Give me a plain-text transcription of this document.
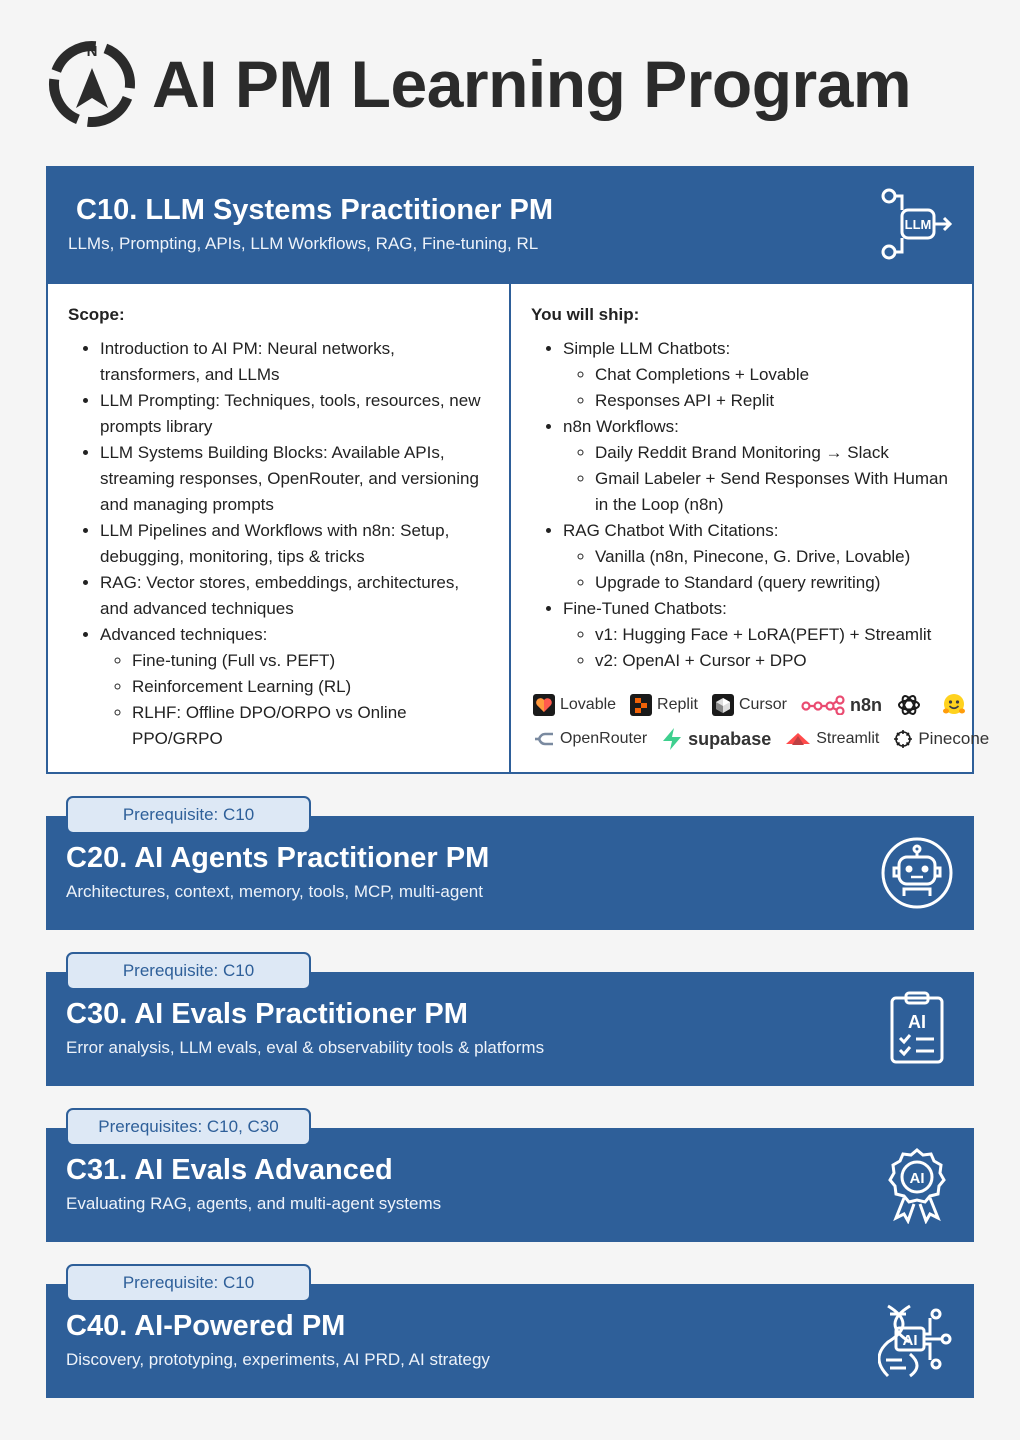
N AI PM Learning Program
C10. LLM Systems Practitioner PM
LLMs, Prompting, APIs, LLM Workflows, RAG, Fine-tuning, RL
LLM
Scope:
• Introduction to AI PM: Neural networks, transformers, and LLMs
• LLM Prompting: Techniques, tools, resources, new prompts library
• LLM Systems Building Blocks: Available APIs, streaming responses, OpenRouter, and versioning and managing prompts
• LLM Pipelines and Workflows with n8n: Setup, debugging, monitoring, tips & tricks
• RAG: Vector stores, embeddings, architectures, and advanced techniques
• Advanced techniques:
◦ Fine-tuning (Full vs. PEFT)
◦ Reinforcement Learning (RL)
◦ RLHF: Offline DPO/ORPO vs Online PPO/GRPO
You will ship:
• Simple LLM Chatbots:
◦ Chat Completions + Lovable
◦ Responses API + Replit
• n8n Workflows:
◦ Daily Reddit Brand Monitoring → Slack
◦ Gmail Labeler + Send Responses With Human in the Loop (n8n)
• RAG Chatbot With Citations:
◦ Vanilla (n8n, Pinecone, G. Drive, Lovable)
◦ Upgrade to Standard (query rewriting)
• Fine-Tuned Chatbots:
◦ v1: Hugging Face + LoRA(PEFT) + Streamlit
◦ v2: OpenAI + Cursor + DPO
Lovable	Replit	Cursor	n8n
OpenRouter supabase	Streamlit Pinecone
Prerequisite: C10
C20. AI Agents Practitioner PM
Architectures, context, memory, tools, MCP, multi-agent
Prerequisite: C10
C30. AI Evals Practitioner PM
Error analysis, LLM evals, eval & observability tools & platforms
AI
Prerequisites: C10, C30
C31. AI Evals Advanced
Evaluating RAG, agents, and multi-agent systems
AI
Prerequisite: C10
C40. AI-Powered PM
Discovery, prototyping, experiments, AI PRD, AI strategy
AI
